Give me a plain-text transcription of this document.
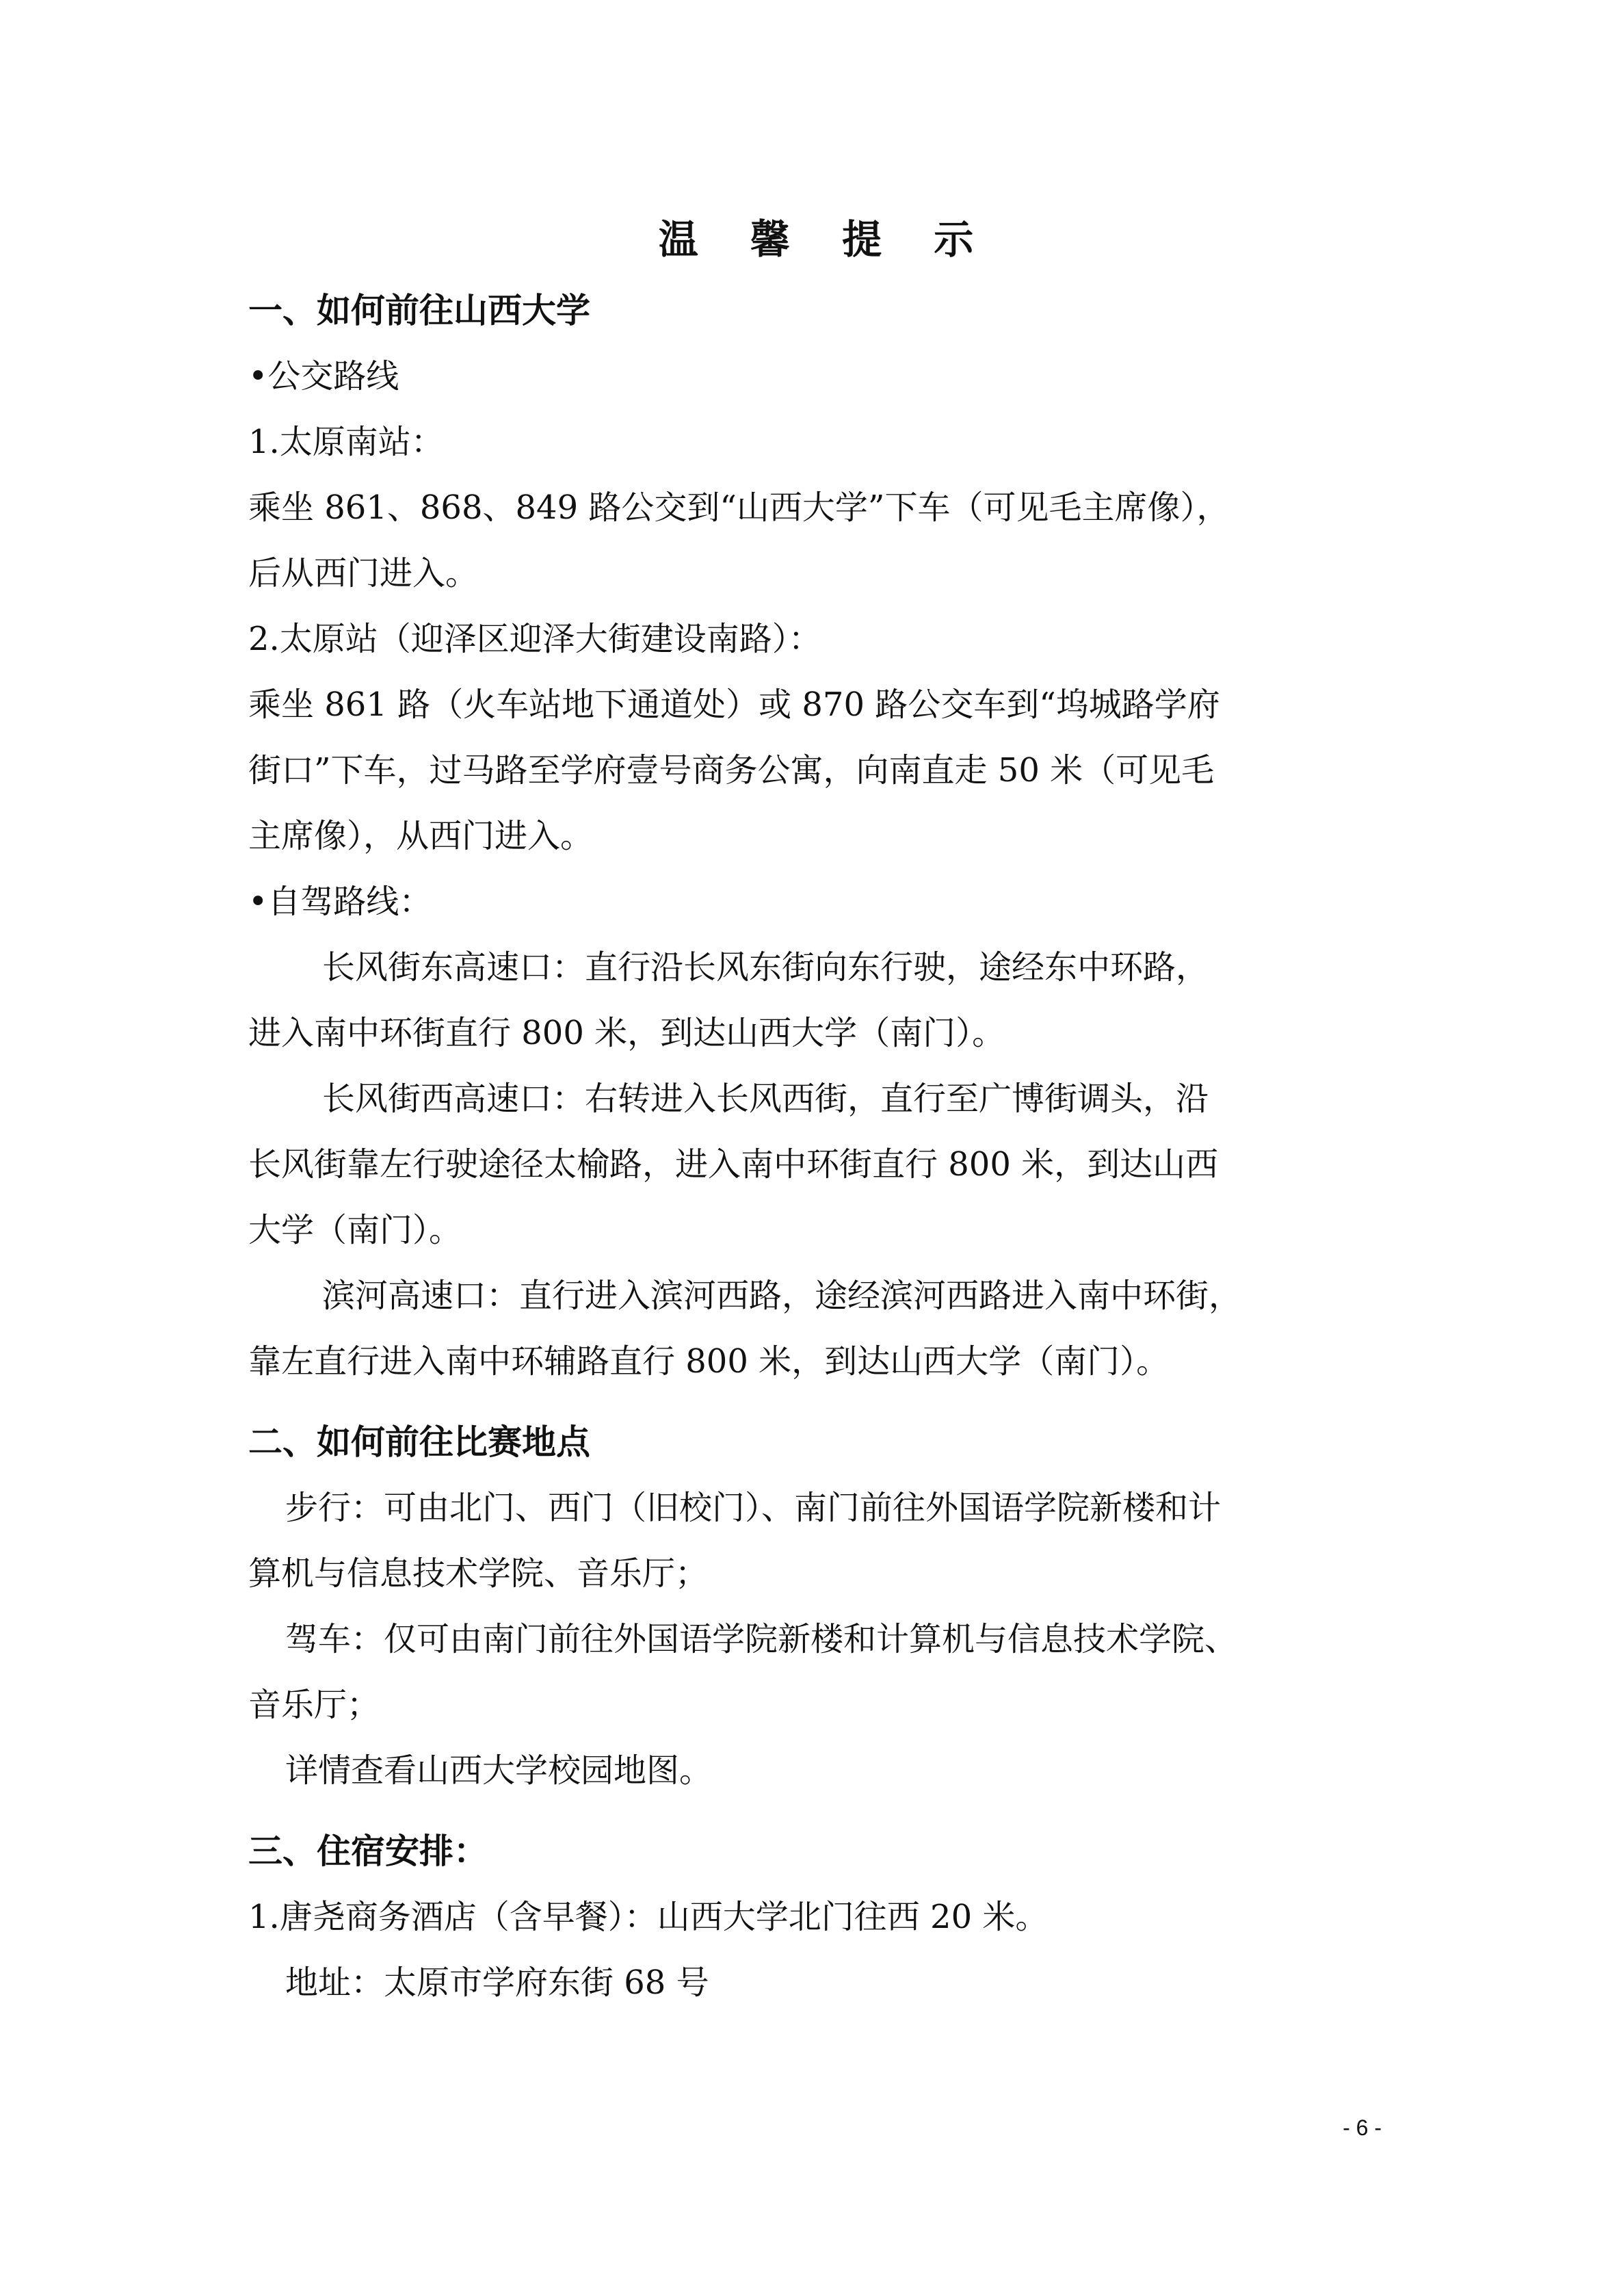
温 馨 提 示
一、如何前往山西大学
•公交路线
1.太原南站：
乘坐 861、868、849 路公交到“山西大学”下车（可见毛主席像），
后从西门进入。
2.太原站（迎泽区迎泽大街建设南路）：
乘坐 861 路（火车站地下通道处）或 870 路公交车到“坞城路学府
街口”下车，过马路至学府壹号商务公寓，向南直走 50 米（可见毛
主席像），从西门进入。
•自驾路线：
长风街东高速口：直行沿长风东街向东行驶，途经东中环路，
进入南中环街直行 800 米，到达山西大学（南门）。
长风街西高速口：右转进入长风西街，直行至广博街调头，沿
长风街靠左行驶途径太榆路，进入南中环街直行 800 米，到达山西
大学（南门）。
滨河高速口：直行进入滨河西路，途经滨河西路进入南中环街，
靠左直行进入南中环辅路直行 800 米，到达山西大学（南门）。
二、如何前往比赛地点
步行：可由北门、西门（旧校门）、南门前往外国语学院新楼和计
算机与信息技术学院、音乐厅；
驾车：仅可由南门前往外国语学院新楼和计算机与信息技术学院、
音乐厅；
详情查看山西大学校园地图。
三、住宿安排：
1.唐尧商务酒店（含早餐）：山西大学北门往西 20 米。
地址：太原市学府东街 68 号
- 6 -
